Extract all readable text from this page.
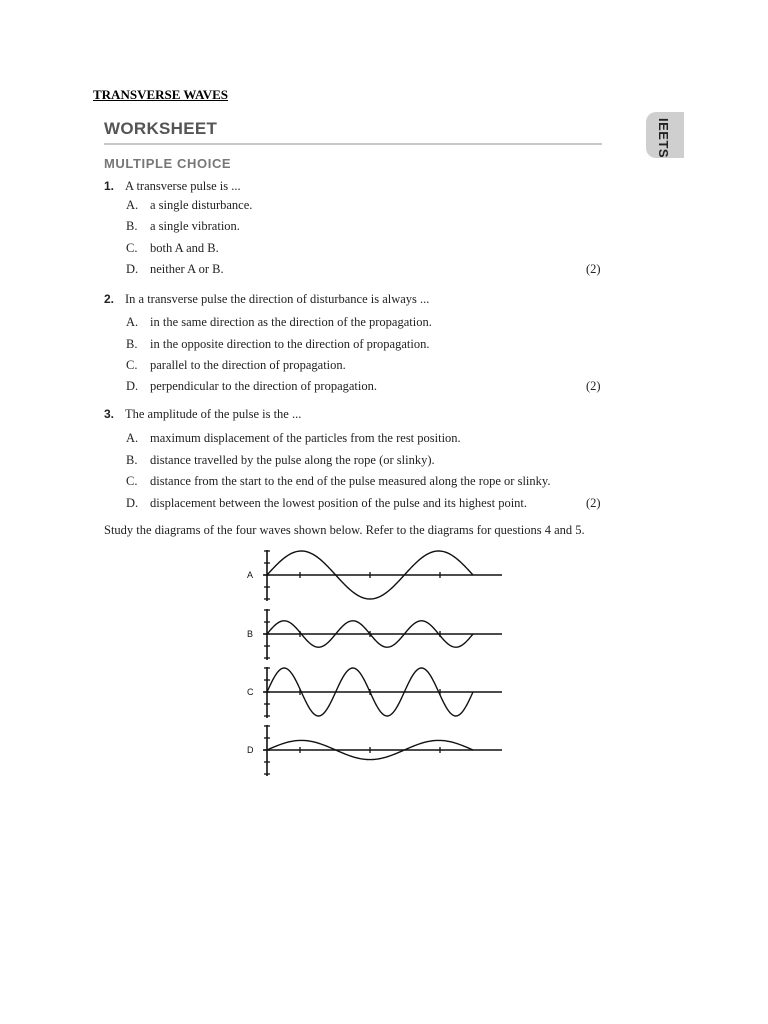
TRANSVERSE WAVES
IEETS
WORKSHEET
MULTIPLE CHOICE
1. A transverse pulse is ...
A. a single disturbance.
B. a single vibration.
C. both A and B.
D. neither A or B.	(2)
2. In a transverse pulse the direction of disturbance is always ...
A. in the same direction as the direction of the propagation.
B. in the opposite direction to the direction of propagation.
C. parallel to the direction of propagation.
D. perpendicular to the direction of propagation.	(2)
3. The amplitude of the pulse is the ...
A. maximum displacement of the particles from the rest position.
B. distance travelled by the pulse along the rope (or slinky).
C. distance from the start to the end of the pulse measured along the rope or slinky.
D. displacement between the lowest position of the pulse and its highest point.	(2)
Study the diagrams of the four waves shown below. Refer to the diagrams for questions 4 and 5.
A
B
C
D
